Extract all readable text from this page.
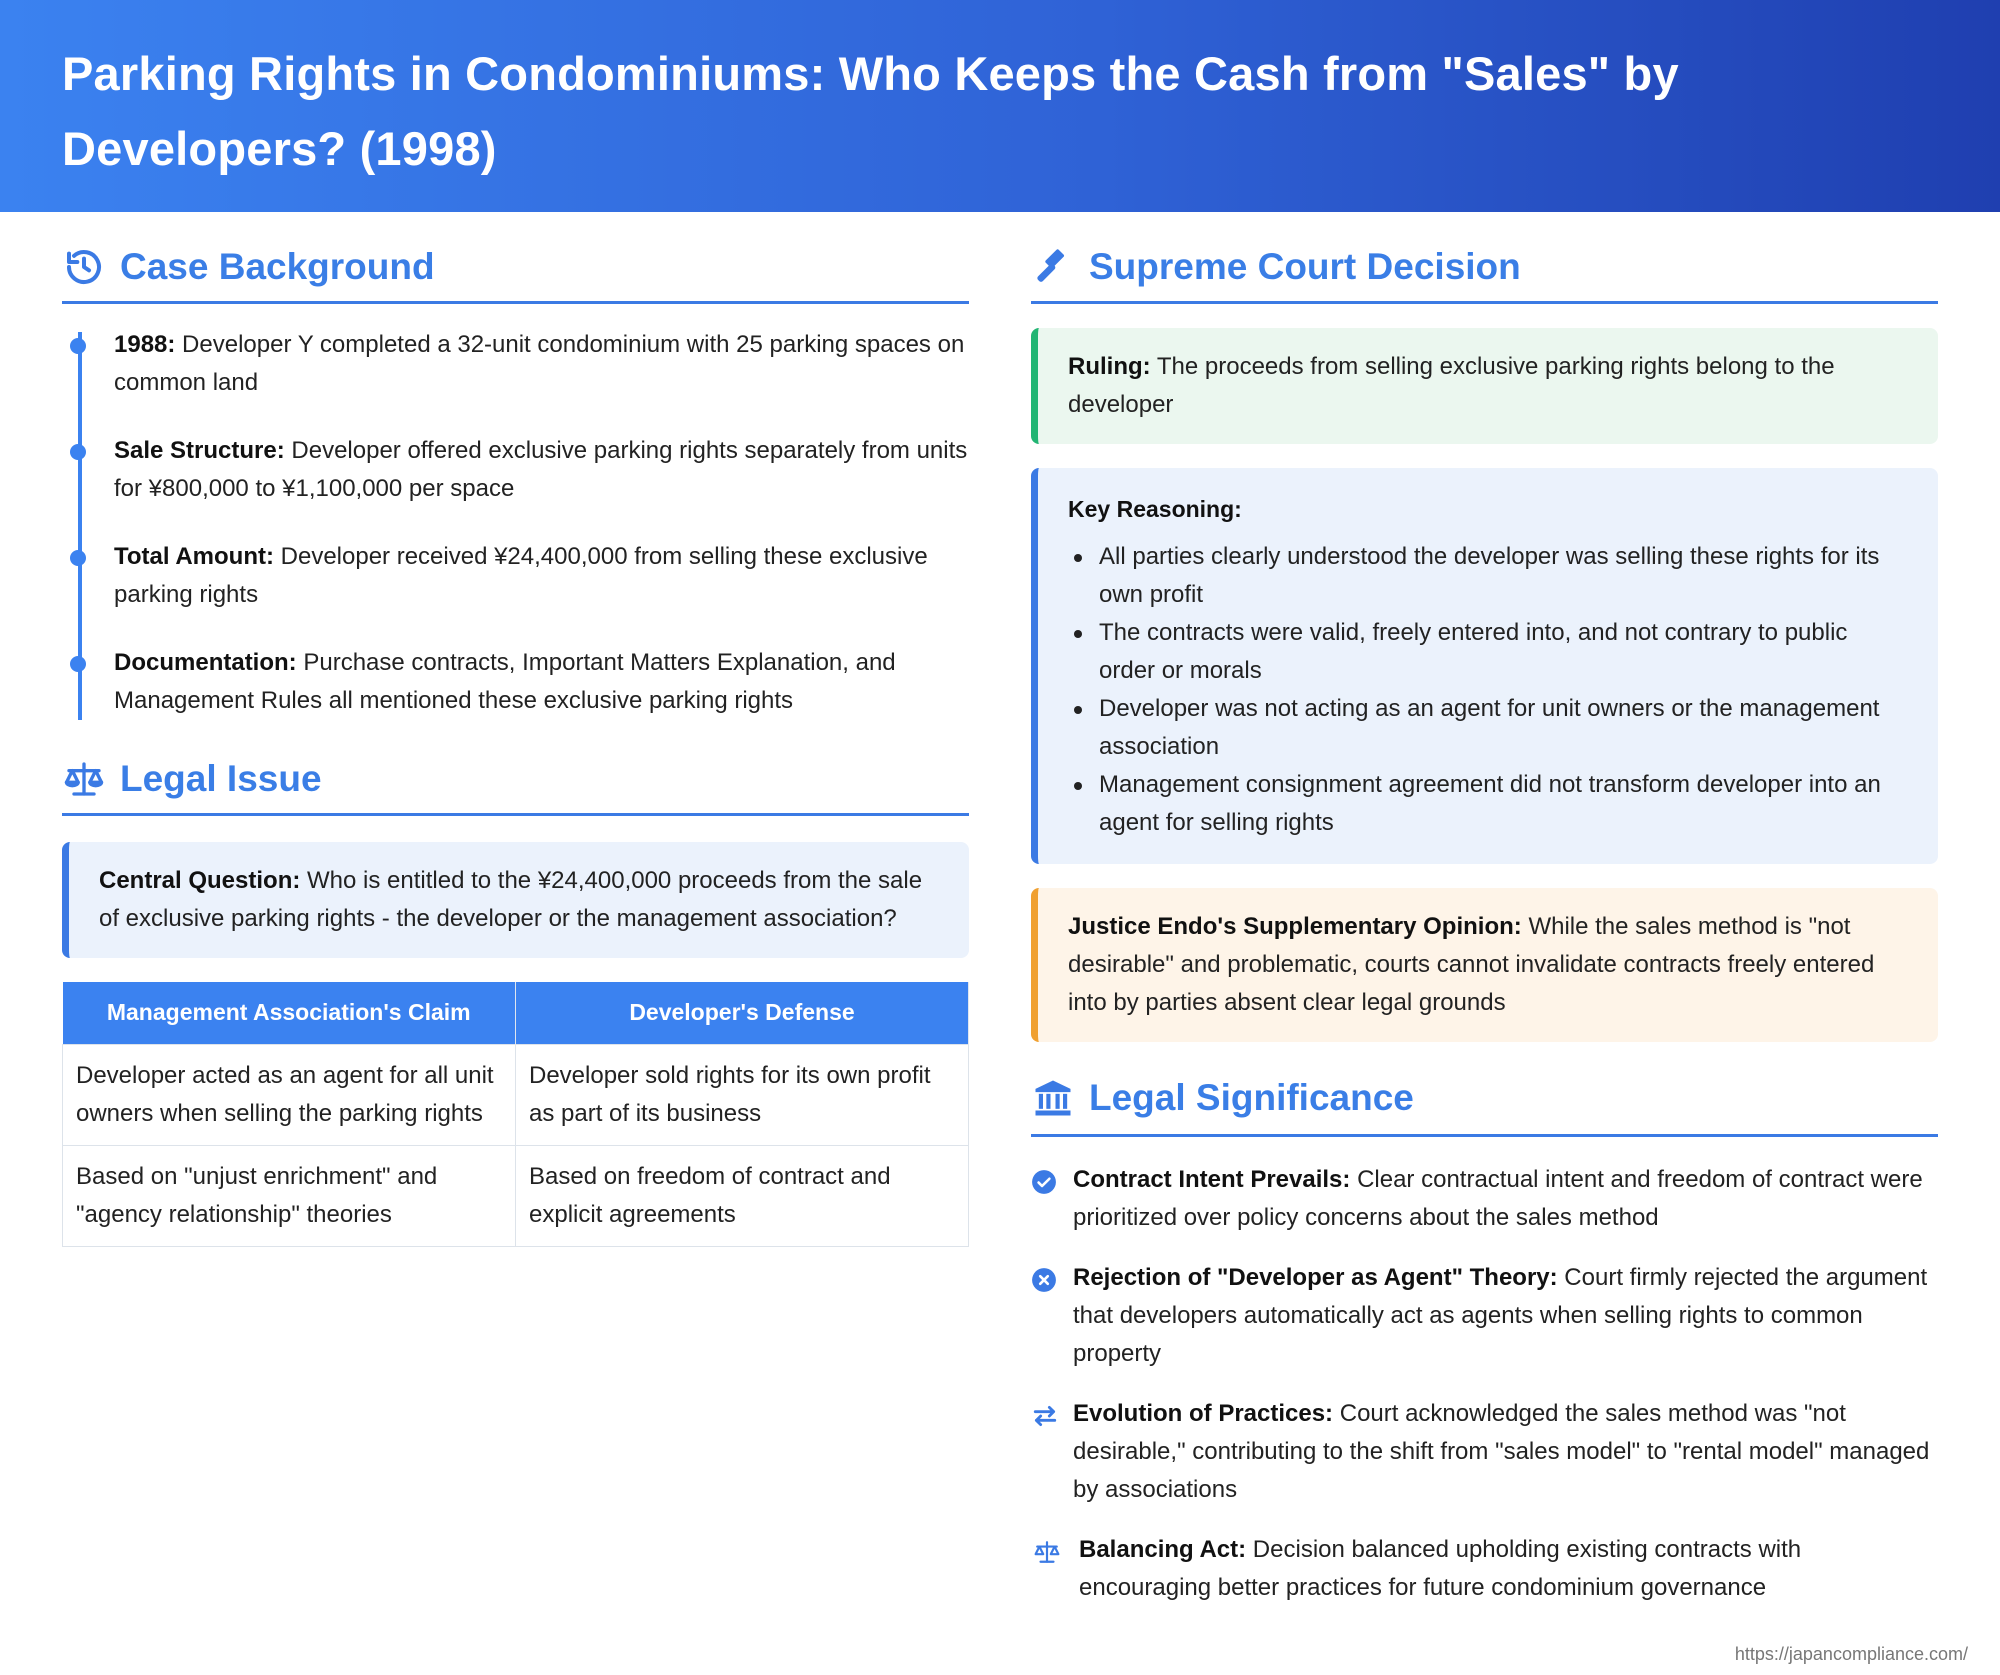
Parking Rights in Condominiums: Who Keeps the Cash from "Sales" by Developers? (1998)
Case Background
1988: Developer Y completed a 32-unit condominium with 25 parking spaces on common land
Sale Structure: Developer offered exclusive parking rights separately from units for ¥800,000 to ¥1,100,000 per space
Total Amount: Developer received ¥24,400,000 from selling these exclusive parking rights
Documentation: Purchase contracts, Important Matters Explanation, and Management Rules all mentioned these exclusive parking rights
Legal Issue
Central Question: Who is entitled to the ¥24,400,000 proceeds from the sale of exclusive parking rights - the developer or the management association?
Management Association's Claim	Developer's Defense
Developer acted as an agent for all unit owners when selling the parking rights	Developer sold rights for its own profit as part of its business
Based on "unjust enrichment" and "agency relationship" theories	Based on freedom of contract and explicit agreements
Supreme Court Decision
Ruling: The proceeds from selling exclusive parking rights belong to the developer
Key Reasoning:
All parties clearly understood the developer was selling these rights for its own profit
The contracts were valid, freely entered into, and not contrary to public order or morals
Developer was not acting as an agent for unit owners or the management association
Management consignment agreement did not transform developer into an agent for selling rights
Justice Endo's Supplementary Opinion: While the sales method is "not desirable" and problematic, courts cannot invalidate contracts freely entered into by parties absent clear legal grounds
Legal Significance
Contract Intent Prevails: Clear contractual intent and freedom of contract were prioritized over policy concerns about the sales method
Rejection of "Developer as Agent" Theory: Court firmly rejected the argument that developers automatically act as agents when selling rights to common property
Evolution of Practices: Court acknowledged the sales method was "not desirable," contributing to the shift from "sales model" to "rental model" managed by associations
Balancing Act: Decision balanced upholding existing contracts with encouraging better practices for future condominium governance
https://japancompliance.com/
